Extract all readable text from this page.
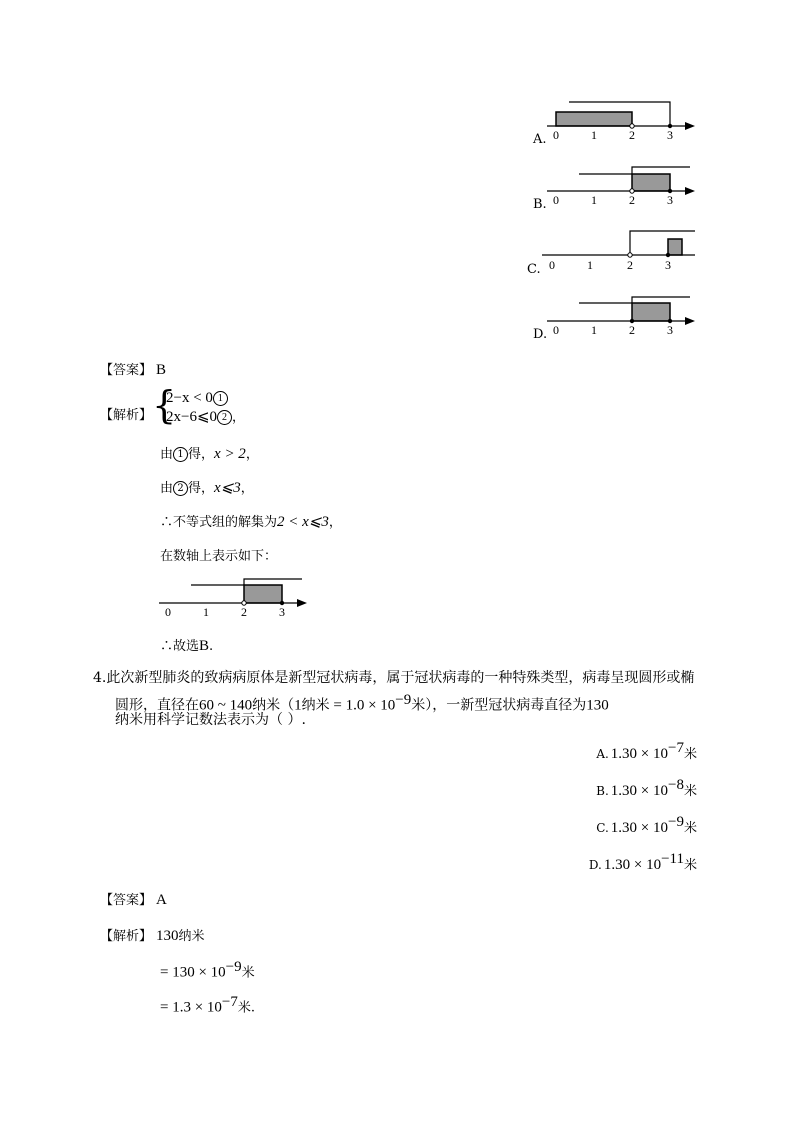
A. 0	1	2	3
B. 0	1	2	3
C. 0	1	2	3
D. 0	1	2	3
【答案】 B
【解析】 {
2−x < 0 1
2x−6⩽0 2 ，
由 1 得，x > 2，
由 2 得，x⩽3，
∴不等式组的解集为2 < x⩽3，
在数轴上表示如下：
0	1	2	3
∴故选B.
4.此次新型肺炎的致病病原体是新型冠状病毒，属于冠状病毒的一种特殊类型，病毒呈现圆形或椭
圆形，直径在60 ~ 140纳米（1纳米 = $1.0 \times 10^{-9}$米），一新型冠状病毒直径为130
纳米用科学记数法表示为（ ）.
A. $1.30 \times 10^{-7}$米
B. $1.30 \times 10^{-8}$米
C. $1.30 \times 10^{-9}$米
D. $1.30 \times 10^{-11}$米
【答案】 A
【解析】 130纳米
= $130 \times 10^{-9}$米
= $1.3 \times 10^{-7}$米.
